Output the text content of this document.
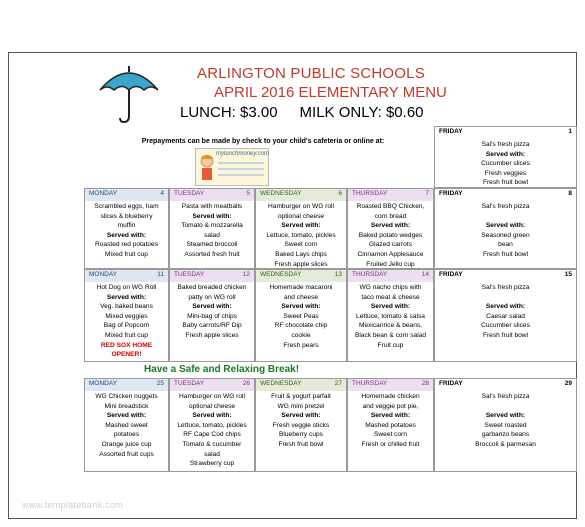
ARLINGTON PUBLIC SCHOOLS
APRIL 2016 ELEMENTARY MENU
LUNCH: $3.00 MILK ONLY: $0.60
Prepayments can be made by check to your child's cafeteria or online at:
mylunchmoney.com
FRIDAY	1
Sal's fresh pizza
Served with:
Cucumber slices
Fresh veggies
Fresh fruit bowl
MONDAY	4
Scrambled eggs, ham
slices & blueberry
muffin
Served with:
Roasted red potatoes
Mixed fruit cup
TUESDAY	5
Pasta with meatballs
Served with:
Tomato & mozzarella
salad
Steamed broccoli
Assorted fresh fruit
WEDNESDAY	6
Hamburger on WG roll
optional cheese
Served with:
Lettuce, tomato, pickles
Sweet corn
Baked Lays chips
Fresh apple slices
THURSDAY	7
Roasted BBQ Chicken,
corn bread
Served with:
Baked potato wedges
Glazed carrots
Cinnamon Applesauce
Fruited Jello cup
FRIDAY	8
Sal's fresh pizza

Served with:
Seasoned green
bean
Fresh fruit bowl
MONDAY	11
Hot Dog on WG Roll
Served with:
Veg. baked beans
Mixed veggies
Bag of Popcorn
Mixed fruit cup
RED SOX HOME
OPENER!
TUESDAY	12
Baked breaded chicken
patty on WG roll
Served with:
Mini-bag of chips
Baby carrots/RF Dip
Fresh apple slices
WEDNESDAY	13
Homemade macaroni
and cheese
Served with:
Sweet Peas
RF chocolate chip
cookie
Fresh pears
THURSDAY	14
WG nacho chips with
taco meat & cheese
Served with:
Lettuce, tomato & salsa
Mexicanrice & beans,
Black bean & corn salad
Fruit cup
FRIDAY	15
Sal's fresh pizza

Served with:
Caesar salad
Cucumber slices
Fresh fruit bowl
Have a Safe and Relaxing Break!
MONDAY	25
WG Chicken nuggets
Mini breadstick
Served with:
Mashed sweet
potatoes
Orange juice cup
Assorted fruit cups
TUESDAY	26
Hamburger on WG roll
optional cheese
Served with:
Lettuce, tomato, pickles
RF Cape Cod chips
Tomato & cucumber
salad
Strawberry cup
WEDNESDAY	27
Fruit & yogurt parfait
WG mini pretzel
Served with:
Fresh veggie sticks
Blueberry cups
Fresh fruit bowl
THURSDAY	28
Homemade chicken
and veggie pot pie,
Served with:
Mashed potatoes
Sweet corn
Fresh or chilled fruit
FRIDAY	29
Sal's fresh pizza

Served with:
Sweet roasted
garbanzo beans
Broccoli & parmesan
www.templatebank.com
